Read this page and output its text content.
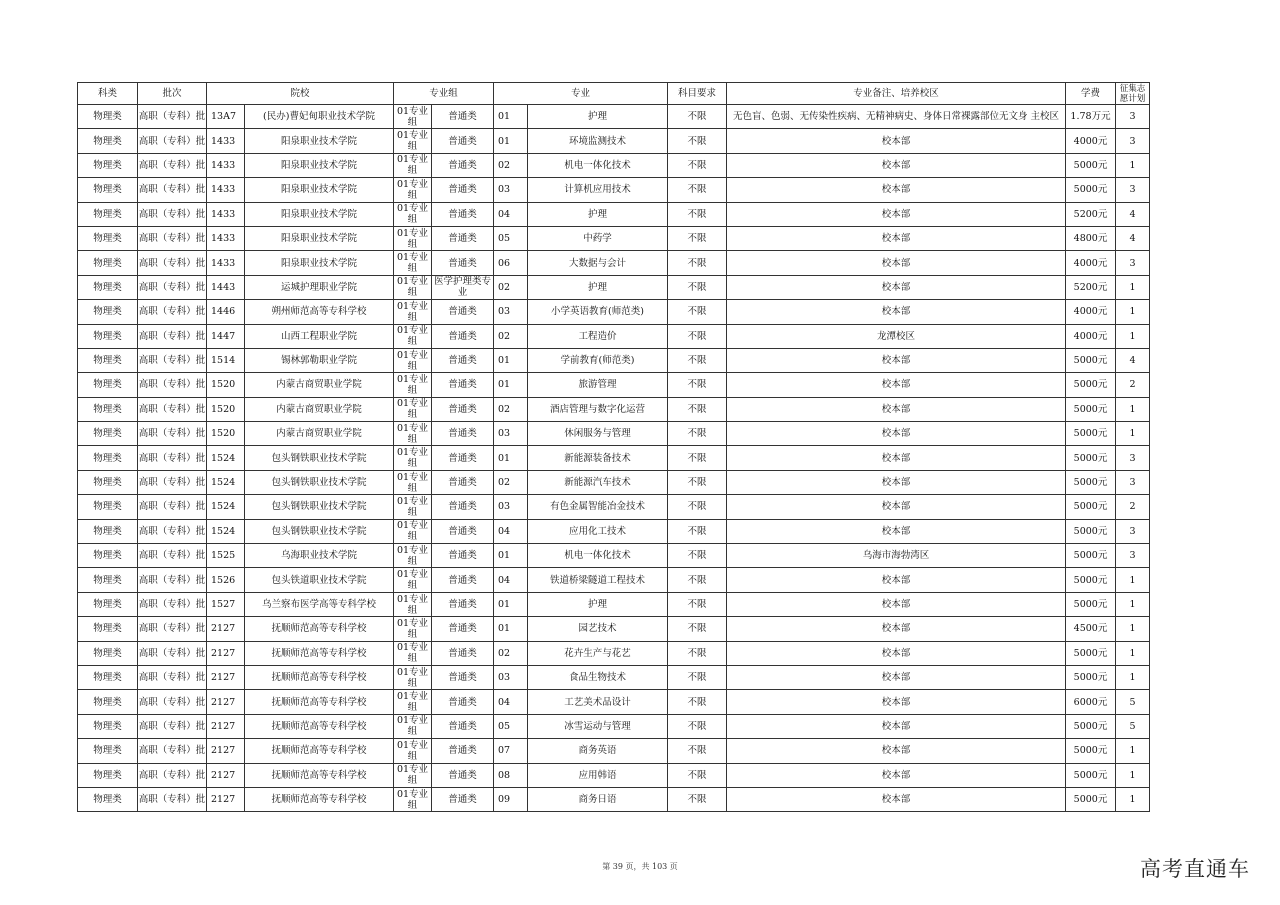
科类	批次	院校		专业组		专业		科目要求	专业备注、培养校区	学费	征集志愿计划
物理类	高职（专科）批	13A7	(民办)曹妃甸职业技术学院	01专业组	普通类	01	护理	不限	无色盲、色弱、无传染性疾病、无精神病史、身体日常裸露部位无文身 主校区	1.78万元	3
物理类	高职（专科）批	1433	阳泉职业技术学院	01专业组	普通类	01	环境监测技术	不限	校本部	4000元	3
物理类	高职（专科）批	1433	阳泉职业技术学院	01专业组	普通类	02	机电一体化技术	不限	校本部	5000元	1
物理类	高职（专科）批	1433	阳泉职业技术学院	01专业组	普通类	03	计算机应用技术	不限	校本部	5000元	3
物理类	高职（专科）批	1433	阳泉职业技术学院	01专业组	普通类	04	护理	不限	校本部	5200元	4
物理类	高职（专科）批	1433	阳泉职业技术学院	01专业组	普通类	05	中药学	不限	校本部	4800元	4
物理类	高职（专科）批	1433	阳泉职业技术学院	01专业组	普通类	06	大数据与会计	不限	校本部	4000元	3
物理类	高职（专科）批	1443	运城护理职业学院	01专业组	医学护理类专业	02	护理	不限	校本部	5200元	1
物理类	高职（专科）批	1446	朔州师范高等专科学校	01专业组	普通类	03	小学英语教育(师范类)	不限	校本部	4000元	1
物理类	高职（专科）批	1447	山西工程职业学院	01专业组	普通类	02	工程造价	不限	龙潭校区	4000元	1
物理类	高职（专科）批	1514	锡林郭勒职业学院	01专业组	普通类	01	学前教育(师范类)	不限	校本部	5000元	4
物理类	高职（专科）批	1520	内蒙古商贸职业学院	01专业组	普通类	01	旅游管理	不限	校本部	5000元	2
物理类	高职（专科）批	1520	内蒙古商贸职业学院	01专业组	普通类	02	酒店管理与数字化运营	不限	校本部	5000元	1
物理类	高职（专科）批	1520	内蒙古商贸职业学院	01专业组	普通类	03	休闲服务与管理	不限	校本部	5000元	1
物理类	高职（专科）批	1524	包头钢铁职业技术学院	01专业组	普通类	01	新能源装备技术	不限	校本部	5000元	3
物理类	高职（专科）批	1524	包头钢铁职业技术学院	01专业组	普通类	02	新能源汽车技术	不限	校本部	5000元	3
物理类	高职（专科）批	1524	包头钢铁职业技术学院	01专业组	普通类	03	有色金属智能冶金技术	不限	校本部	5000元	2
物理类	高职（专科）批	1524	包头钢铁职业技术学院	01专业组	普通类	04	应用化工技术	不限	校本部	5000元	3
物理类	高职（专科）批	1525	乌海职业技术学院	01专业组	普通类	01	机电一体化技术	不限	乌海市海勃湾区	5000元	3
物理类	高职（专科）批	1526	包头铁道职业技术学院	01专业组	普通类	04	铁道桥梁隧道工程技术	不限	校本部	5000元	1
物理类	高职（专科）批	1527	乌兰察布医学高等专科学校	01专业组	普通类	01	护理	不限	校本部	5000元	1
物理类	高职（专科）批	2127	抚顺师范高等专科学校	01专业组	普通类	01	园艺技术	不限	校本部	4500元	1
物理类	高职（专科）批	2127	抚顺师范高等专科学校	01专业组	普通类	02	花卉生产与花艺	不限	校本部	5000元	1
物理类	高职（专科）批	2127	抚顺师范高等专科学校	01专业组	普通类	03	食品生物技术	不限	校本部	5000元	1
物理类	高职（专科）批	2127	抚顺师范高等专科学校	01专业组	普通类	04	工艺美术品设计	不限	校本部	6000元	5
物理类	高职（专科）批	2127	抚顺师范高等专科学校	01专业组	普通类	05	冰雪运动与管理	不限	校本部	5000元	5
物理类	高职（专科）批	2127	抚顺师范高等专科学校	01专业组	普通类	07	商务英语	不限	校本部	5000元	1
物理类	高职（专科）批	2127	抚顺师范高等专科学校	01专业组	普通类	08	应用韩语	不限	校本部	5000元	1
物理类	高职（专科）批	2127	抚顺师范高等专科学校	01专业组	普通类	09	商务日语	不限	校本部	5000元	1
第 39 页，共 103 页	高考直通车
